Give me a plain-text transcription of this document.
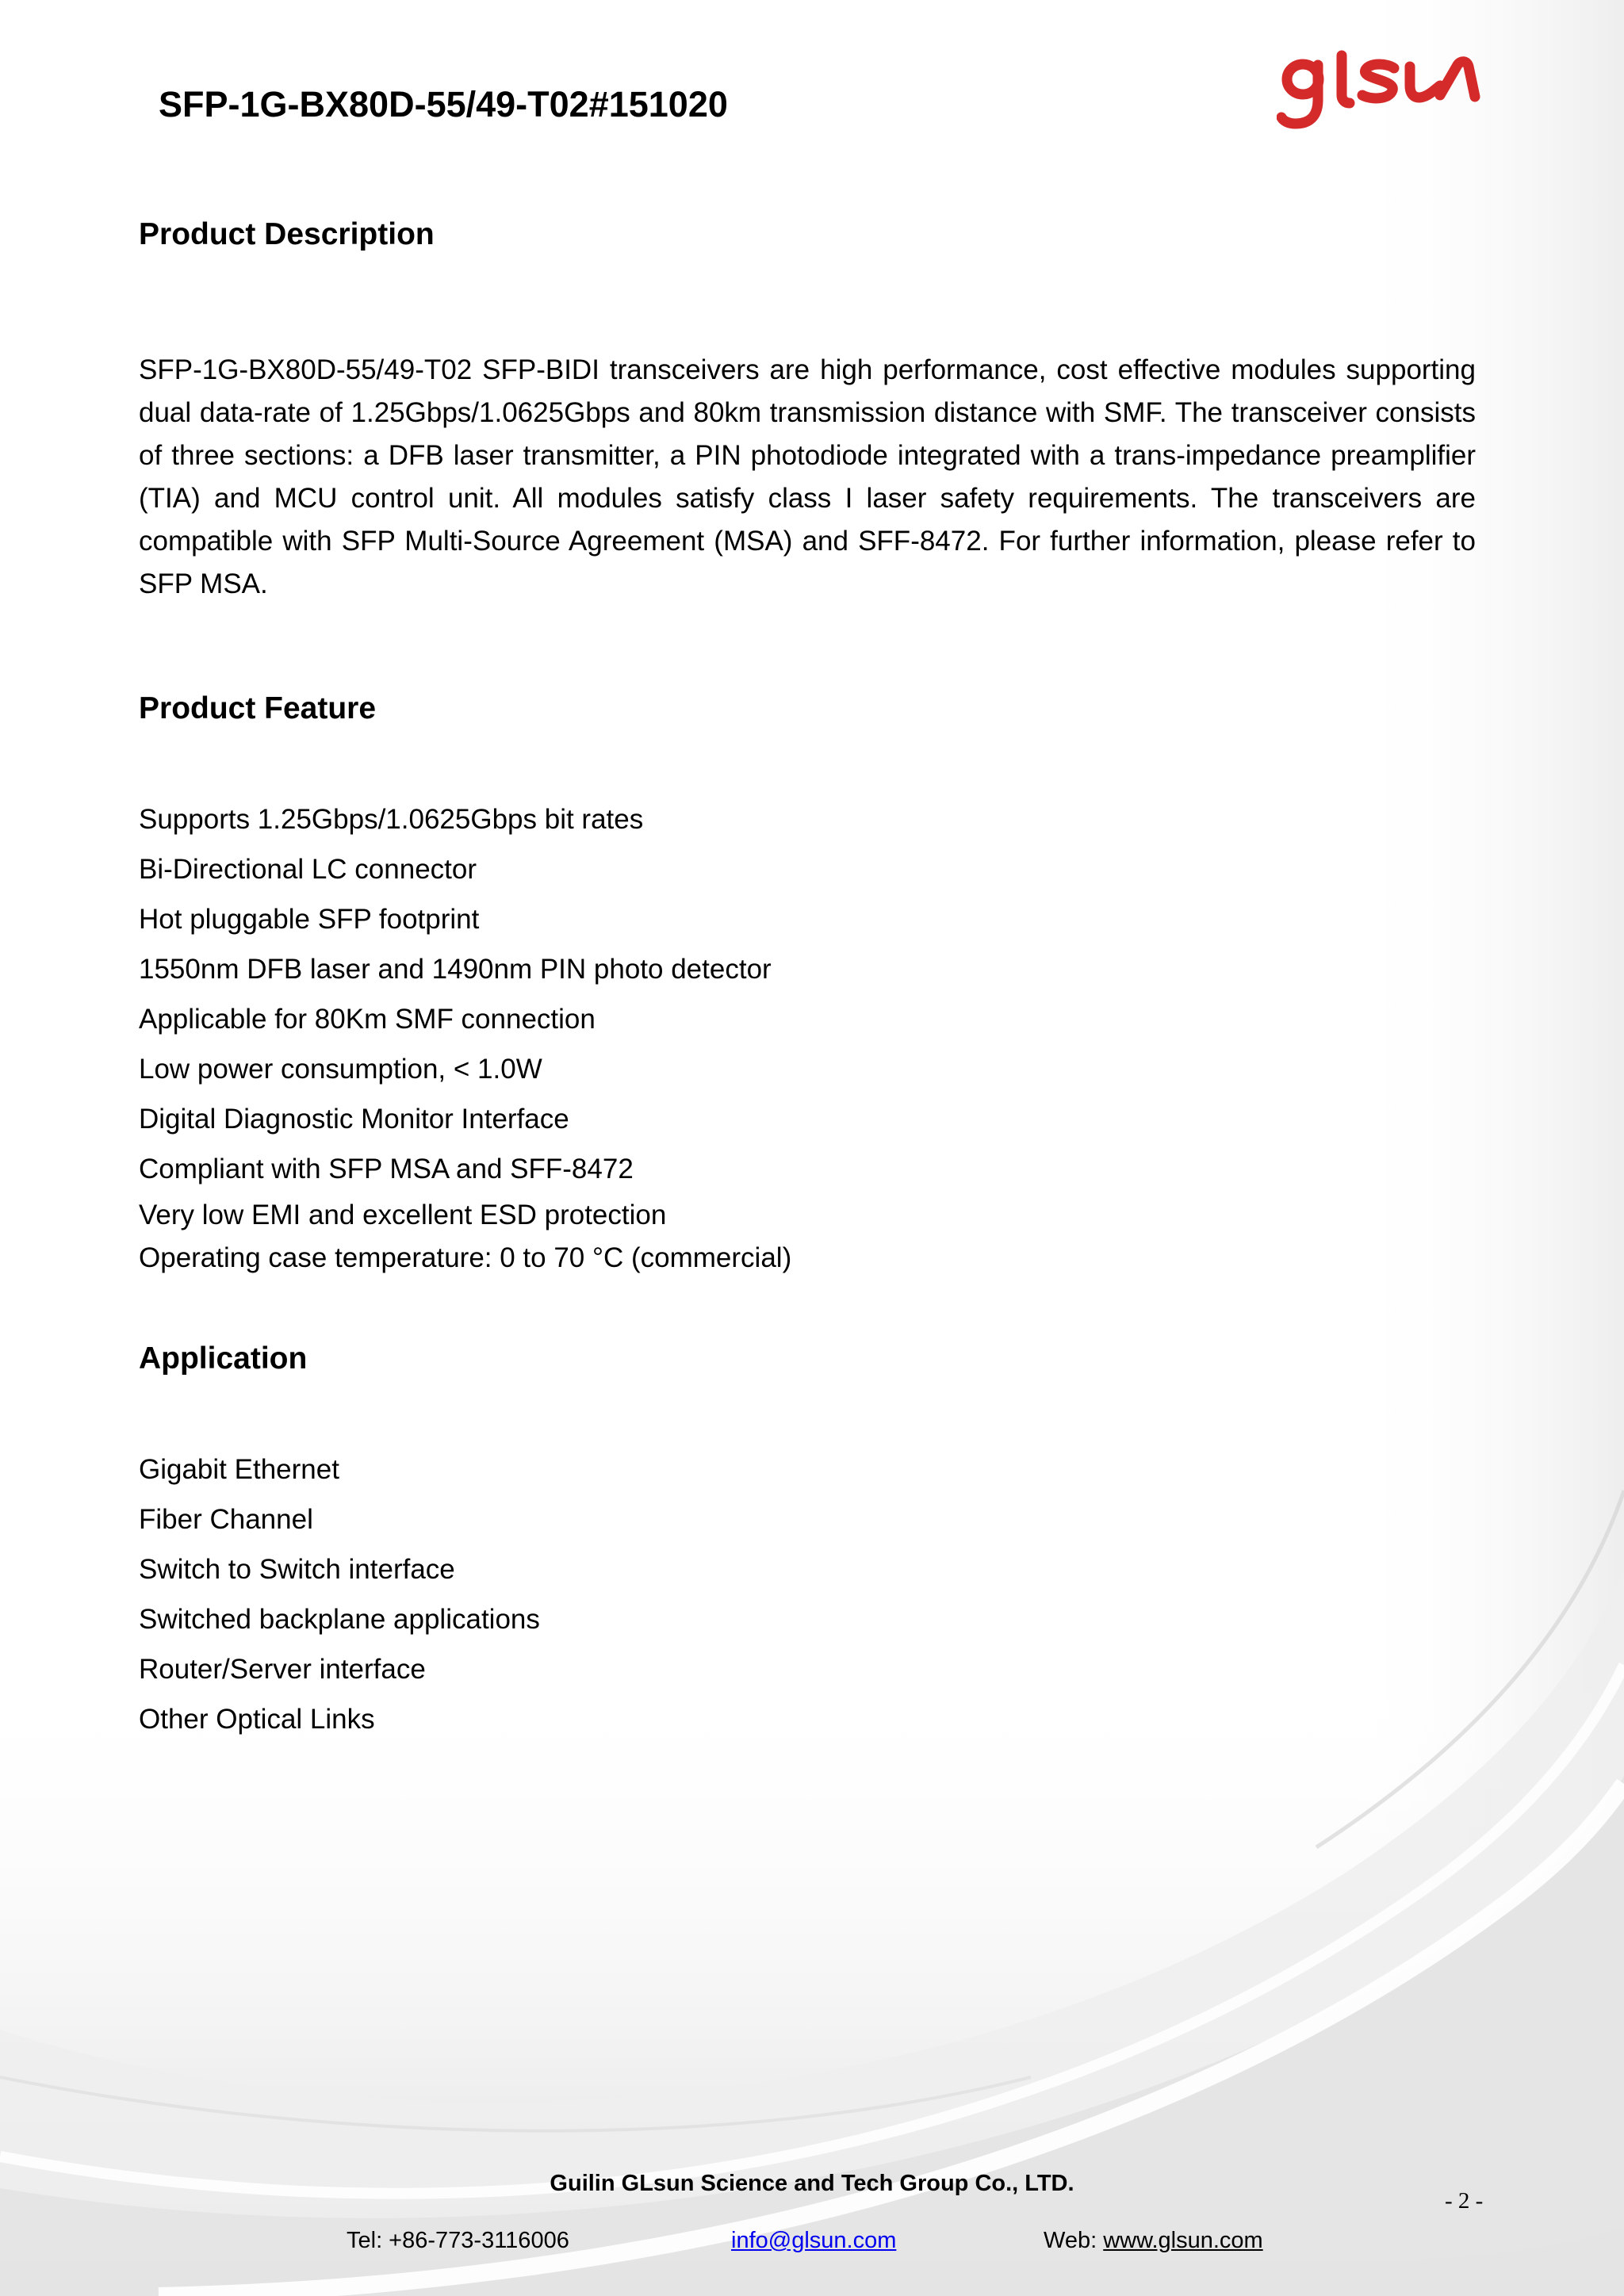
SFP-1G-BX80D-55/49-T02#151020
Product Description

SFP-1G-BX80D-55/49-T02 SFP-BIDI transceivers are high performance, cost effective modules supporting dual data-rate of 1.25Gbps/1.0625Gbps and 80km transmission distance with SMF. The transceiver consists of three sections: a DFB laser transmitter, a PIN photodiode integrated with a trans-impedance preamplifier (TIA) and MCU control unit. All modules satisfy class I laser safety requirements. The transceivers are compatible with SFP Multi-Source Agreement (MSA) and SFF-8472. For further information, please refer to SFP MSA.

Product Feature
Supports 1.25Gbps/1.0625Gbps bit rates
Bi-Directional LC connector
Hot pluggable SFP footprint
1550nm DFB laser and 1490nm PIN photo detector
Applicable for 80Km SMF connection
Low power consumption, < 1.0W
Digital Diagnostic Monitor Interface
Compliant with SFP MSA and SFF-8472
Very low EMI and excellent ESD protection
Operating case temperature: 0 to 70 °C (commercial)
Application
Gigabit Ethernet
Fiber Channel
Switch to Switch interface
Switched backplane applications
Router/Server interface
Other Optical Links
Guilin GLsun Science and Tech Group Co., LTD.
- 2 -
Tel: +86-773-3116006	info@glsun.com	Web: www.glsun.com
